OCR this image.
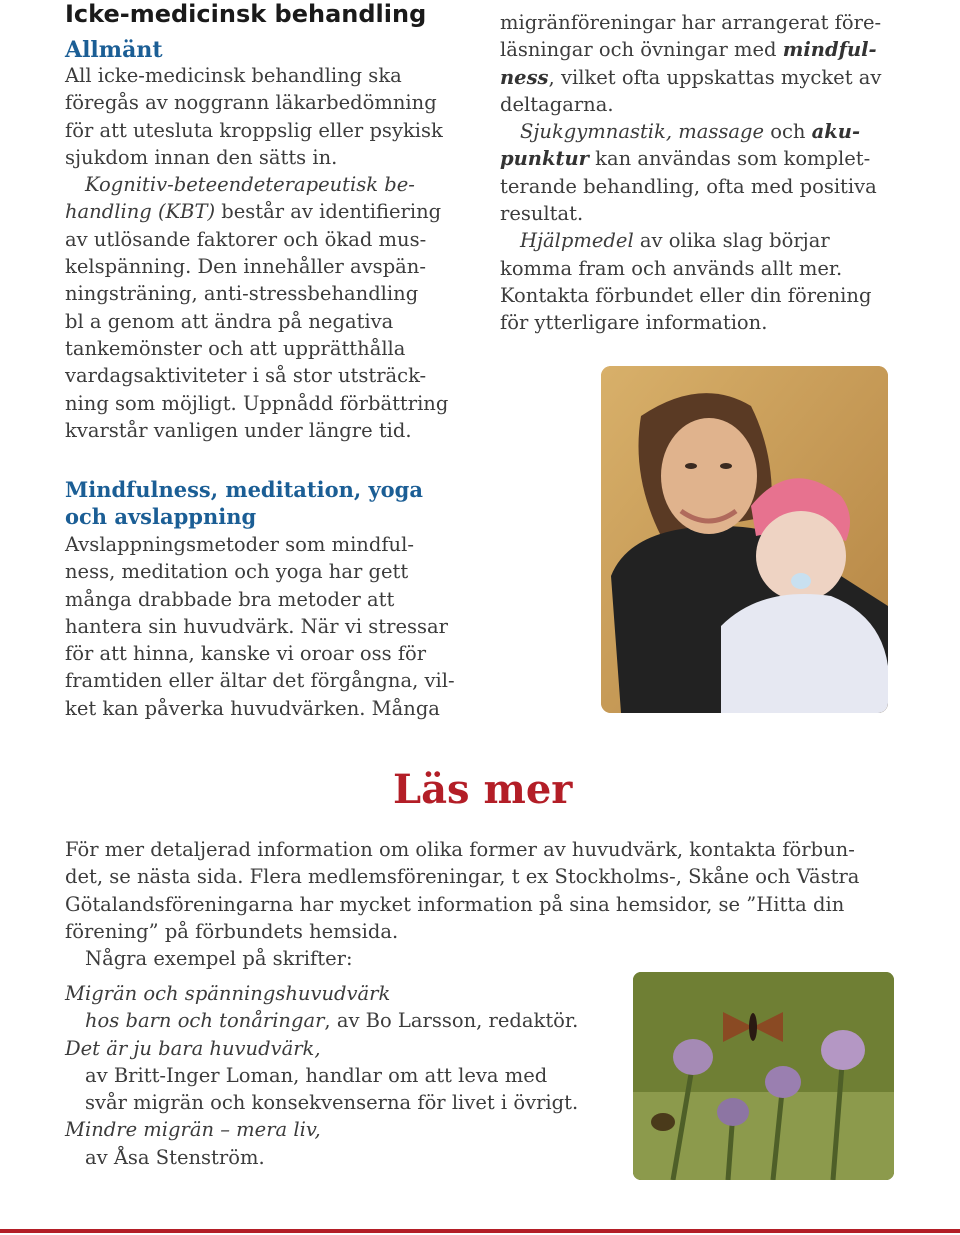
Icke-medicinsk behandling
Allmänt
All icke-medicinsk behandling ska
föregås av noggrann läkarbedömning
för att utesluta kroppslig eller psykisk
sjukdom innan den sätts in.
Kognitiv-beteendeterapeutisk be-
handling (KBT) består av identifiering
av utlösande faktorer och ökad mus-
kelspänning. Den innehåller avspän-
ningsträning, anti-stressbehandling
bl a genom att ändra på negativa
tankemönster och att upprätthålla
vardagsaktiviteter i så stor utsträck-
ning som möjligt. Uppnådd förbättring
kvarstår vanligen under längre tid.
Mindfulness, meditation, yoga
och avslappning
Avslappningsmetoder som mindful-
ness, meditation och yoga har gett
många drabbade bra metoder att
hantera sin huvudvärk. När vi stressar
för att hinna, kanske vi oroar oss för
framtiden eller ältar det förgångna, vil-
ket kan påverka huvudvärken. Många
migränföreningar har arrangerat före-
läsningar och övningar med mindful-
ness, vilket ofta uppskattas mycket av
deltagarna.
Sjukgymnastik, massage och aku-
punktur kan användas som komplet-
terande behandling, ofta med positiva
resultat.
Hjälpmedel av olika slag börjar
komma fram och används allt mer.
Kontakta förbundet eller din förening
för ytterligare information.
Läs mer
För mer detaljerad information om olika former av huvudvärk, kontakta förbun-
det, se nästa sida. Flera medlemsföreningar, t ex Stockholms-, Skåne och Västra
Götalandsföreningarna har mycket information på sina hemsidor, se ”Hitta din
förening” på förbundets hemsida.
Några exempel på skrifter:
Migrän och spänningshuvudvärk
hos barn och tonåringar, av Bo Larsson, redaktör.
Det är ju bara huvudvärk,
av Britt-Inger Loman, handlar om att leva med
svår migrän och konsekvenserna för livet i övrigt.
Mindre migrän – mera liv,
av Åsa Stenström.
